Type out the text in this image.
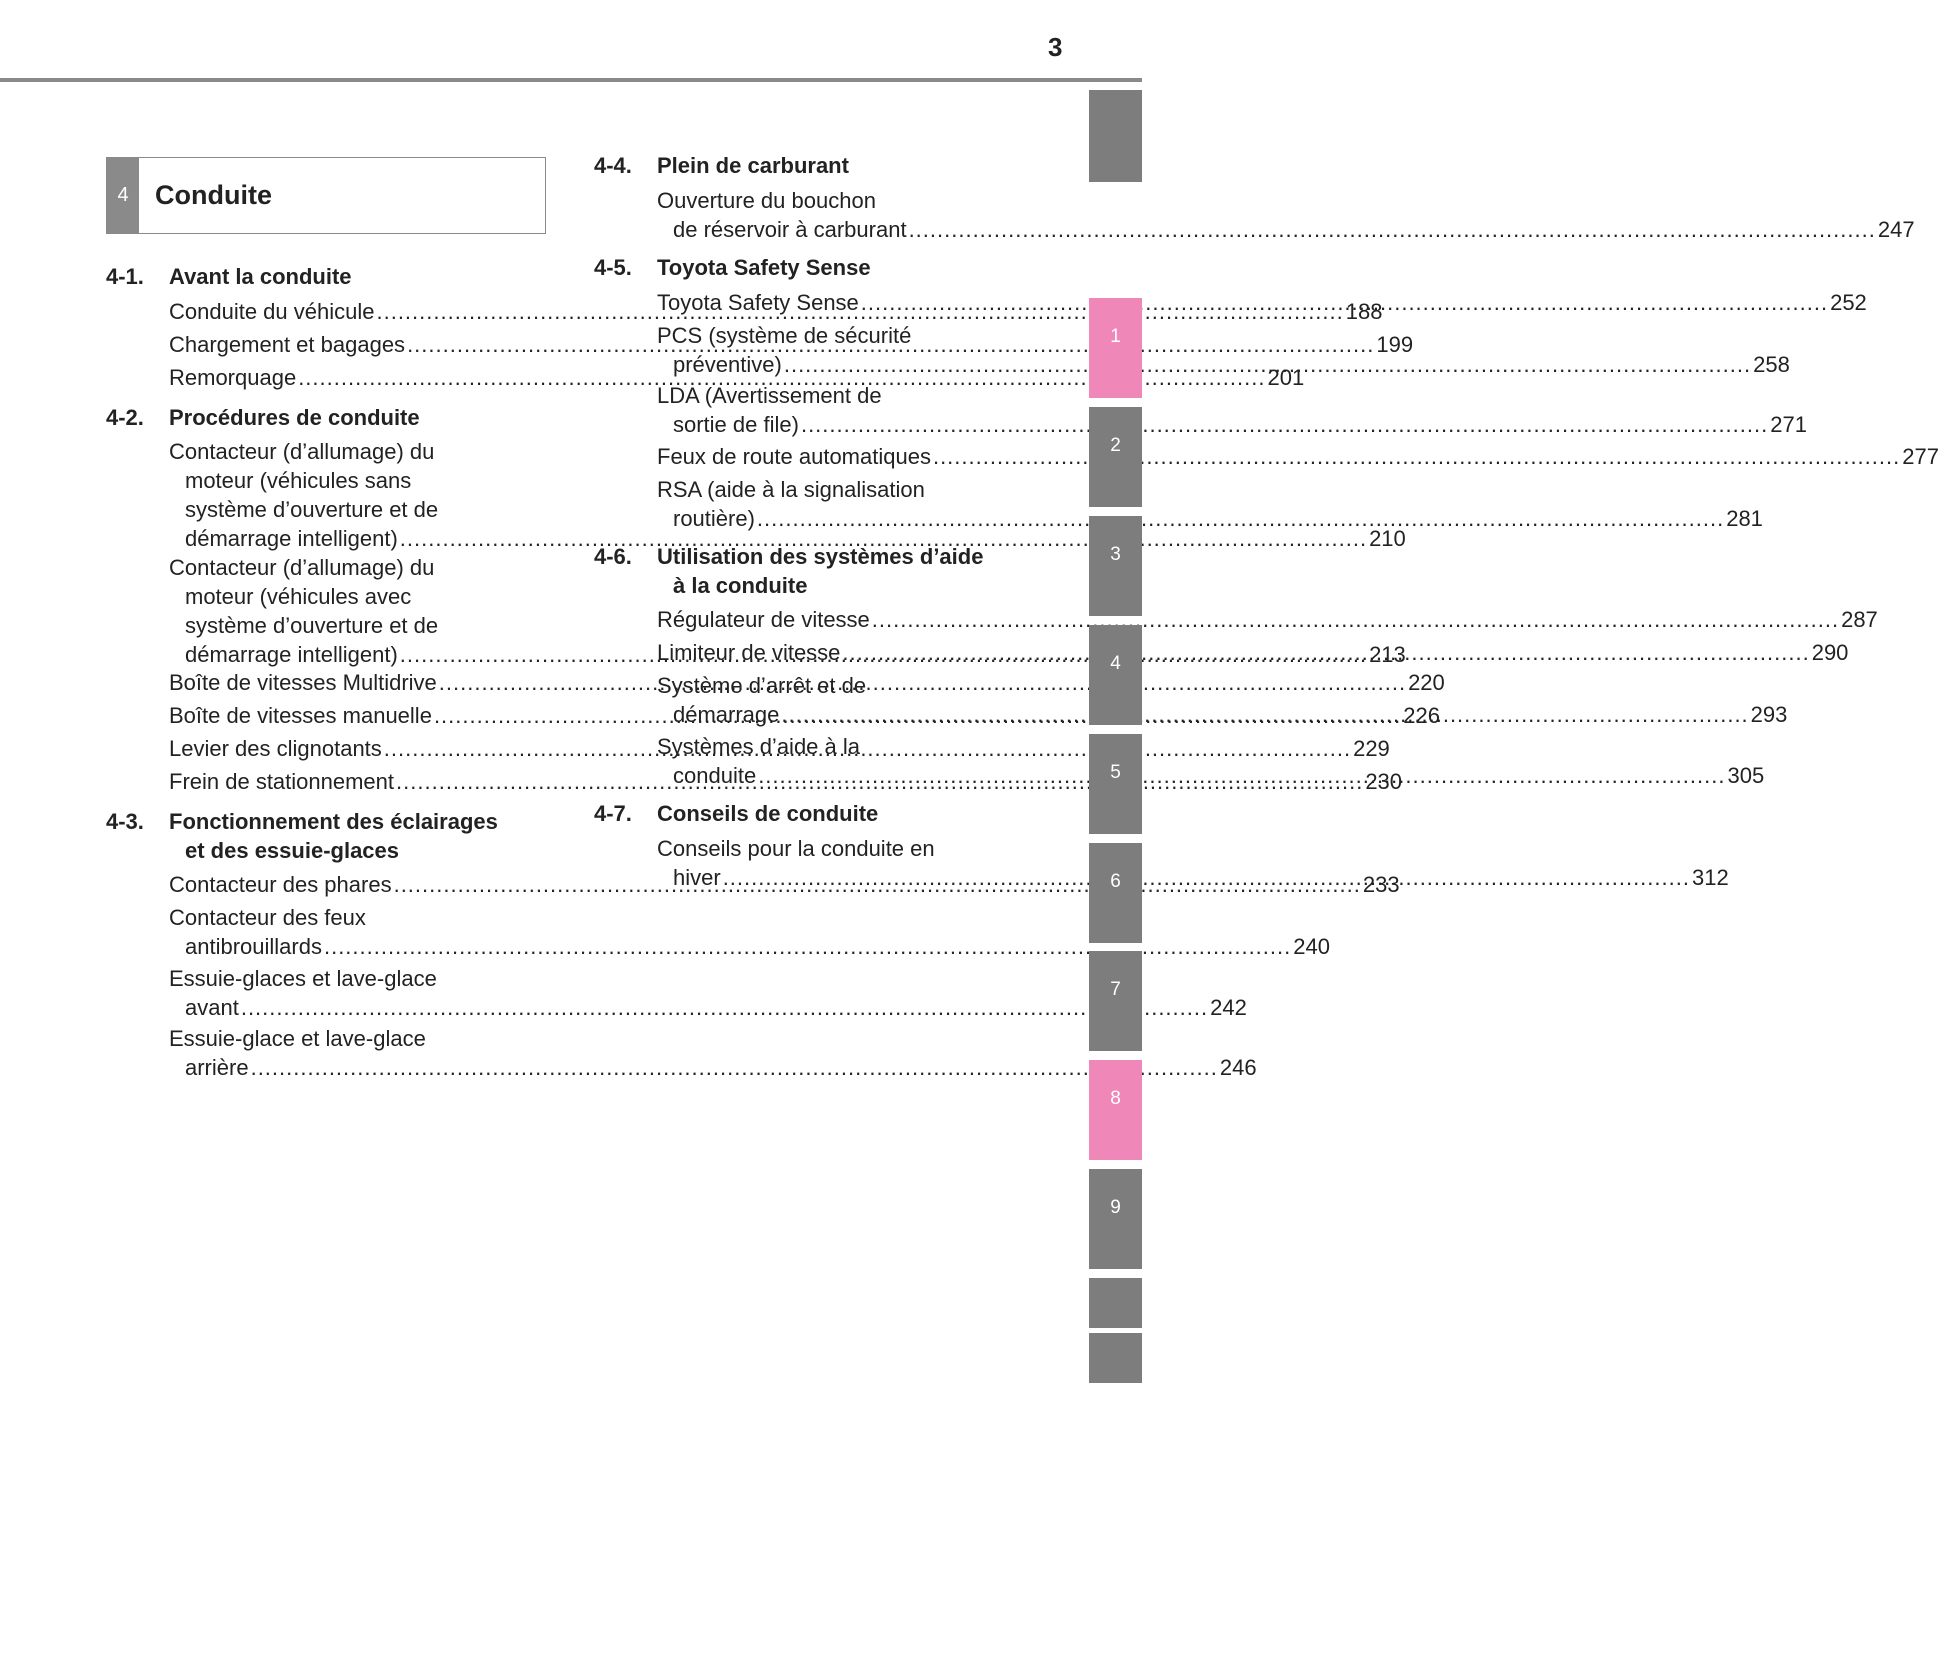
3
4 Conduite
4-1.	Avant la conduite
Conduite du véhicule .....	188
Chargement et bagages .....	199
Remorquage .....	201
4-2.	Procédures de conduite
Contacteur (d’allumage) du
moteur (véhicules sans
système d’ouverture et de
démarrage intelligent) .....	210
Contacteur (d’allumage) du
moteur (véhicules avec
système d’ouverture et de
démarrage intelligent) .....	213
Boîte de vitesses Multidrive .....	220
Boîte de vitesses manuelle .....	226
Levier des clignotants .....	229
Frein de stationnement .....	230
4-3.	Fonctionnement des éclairages
et des essuie-glaces
Contacteur des phares .....	233
Contacteur des feux
antibrouillards .....	240
Essuie-glaces et lave-glace
avant .....	242
Essuie-glace et lave-glace
arrière .....	246
4-4.	Plein de carburant
Ouverture du bouchon
de réservoir à carburant .....	247
4-5.	Toyota Safety Sense
Toyota Safety Sense .....	252
PCS (système de sécurité
préventive) .....	258
LDA (Avertissement de
sortie de file) .....	271
Feux de route automatiques .....	277
RSA (aide à la signalisation
routière) .....	281
4-6.	Utilisation des systèmes d’aide
à la conduite
Régulateur de vitesse .....	287
Limiteur de vitesse .....	290
Système d’arrêt et de
démarrage .....	293
Systèmes d’aide à la
conduite .....	305
4-7.	Conseils de conduite
Conseils pour la conduite en
hiver .....	312
1
2
3
4
5
6
7
8
9
